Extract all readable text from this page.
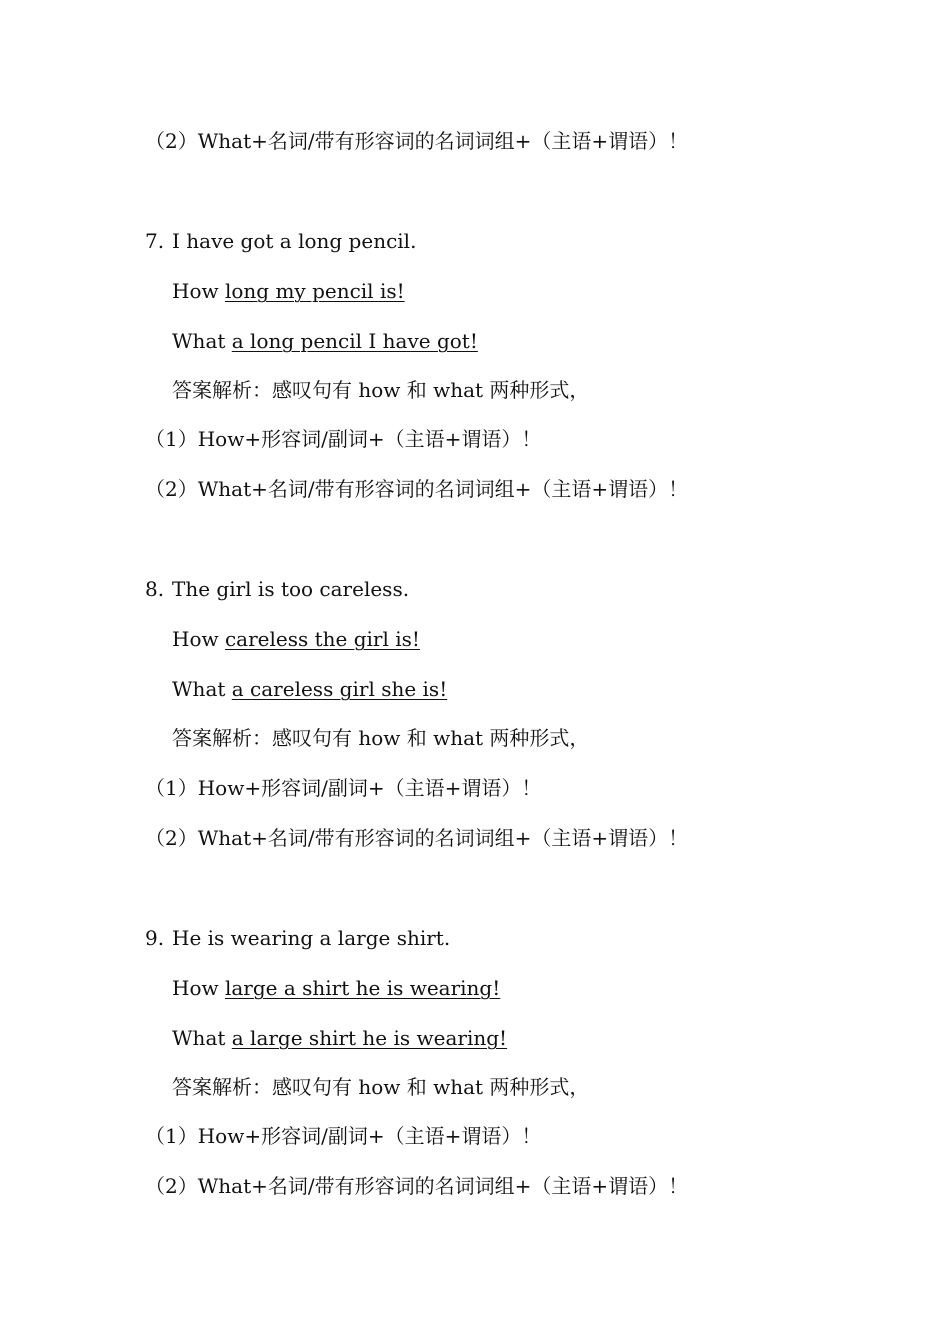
（2）What+名词/带有形容词的名词词组+（主语+谓语）！
7. I have got a long pencil.
How long my pencil is!
What a long pencil I have got!
答案解析：感叹句有 how 和 what 两种形式，
（1）How+形容词/副词+（主语+谓语）！
（2）What+名词/带有形容词的名词词组+（主语+谓语）！
8. The girl is too careless.
How careless the girl is!
What a careless girl she is!
答案解析：感叹句有 how 和 what 两种形式，
（1）How+形容词/副词+（主语+谓语）！
（2）What+名词/带有形容词的名词词组+（主语+谓语）！
9. He is wearing a large shirt.
How large a shirt he is wearing!
What a large shirt he is wearing!
答案解析：感叹句有 how 和 what 两种形式，
（1）How+形容词/副词+（主语+谓语）！
（2）What+名词/带有形容词的名词词组+（主语+谓语）！
